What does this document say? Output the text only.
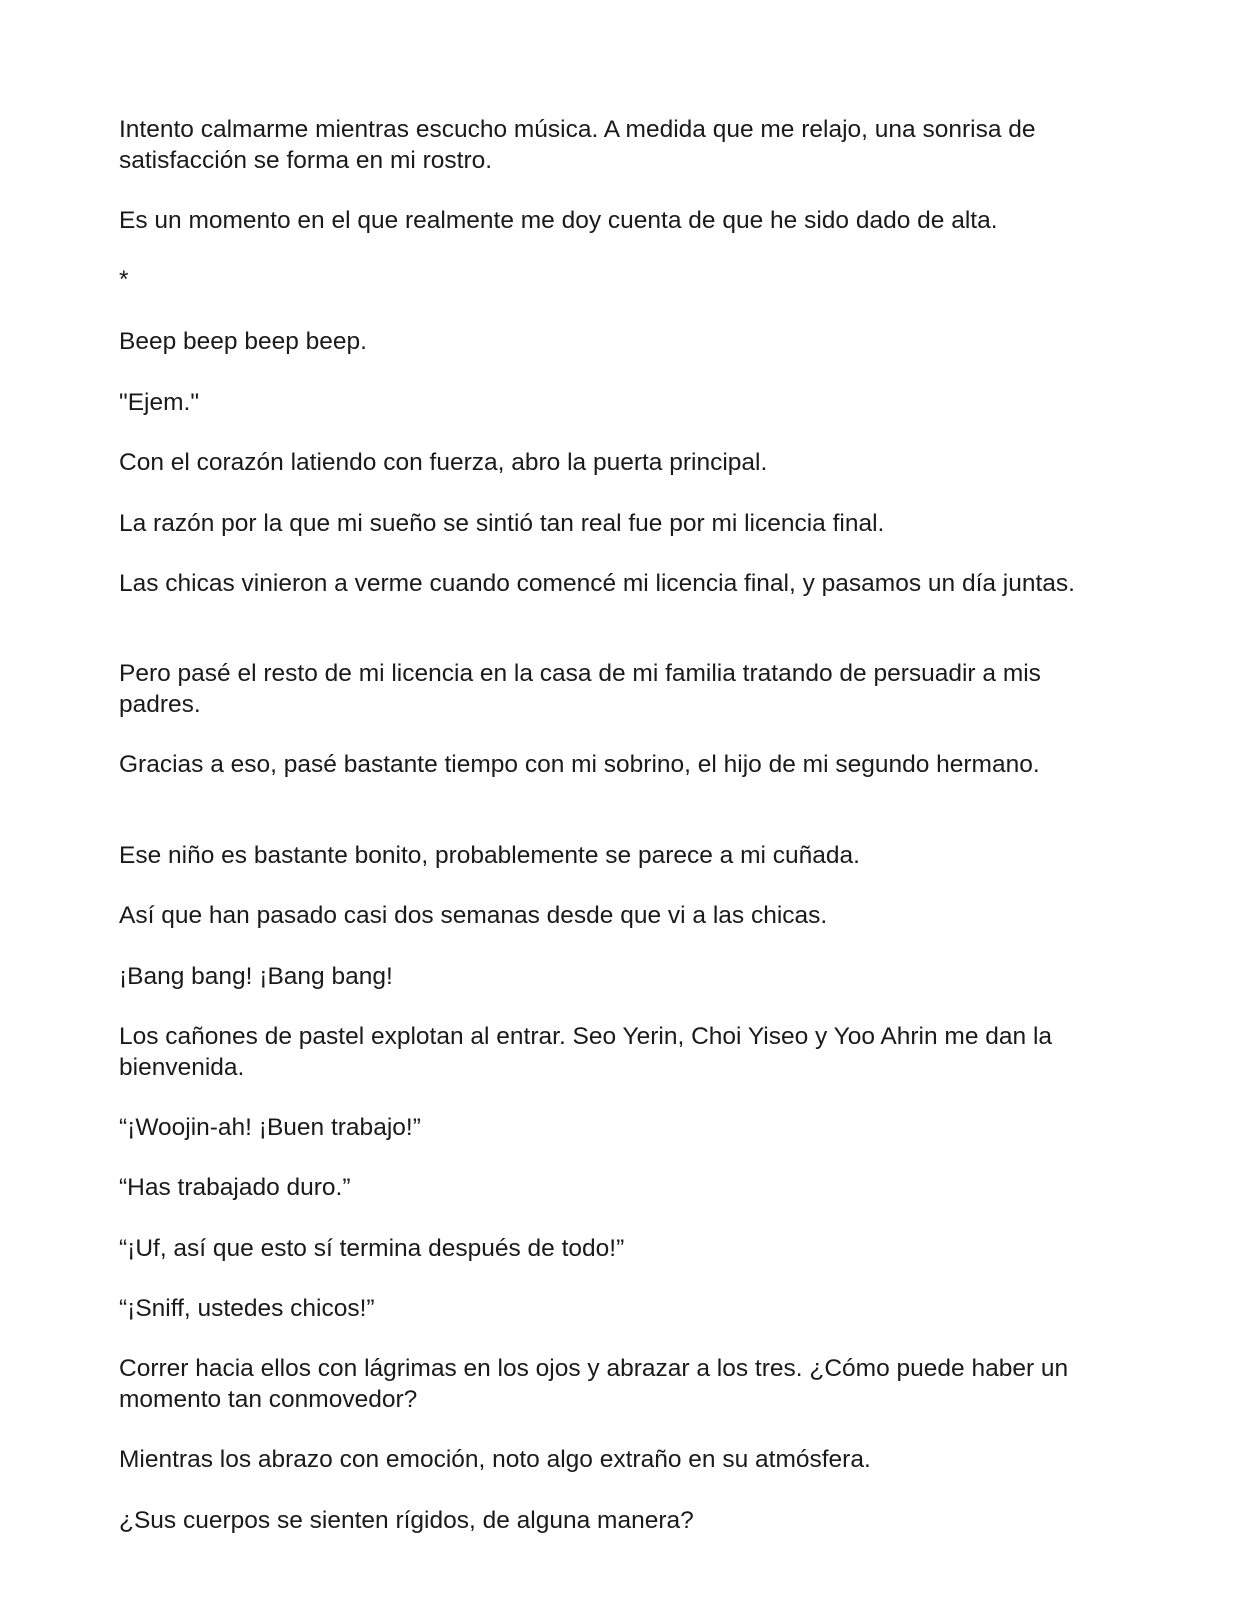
Intento calmarme mientras escucho música. A medida que me relajo, una sonrisa de satisfacción se forma en mi rostro.

Es un momento en el que realmente me doy cuenta de que he sido dado de alta.

*

Beep beep beep beep.

"Ejem."

Con el corazón latiendo con fuerza, abro la puerta principal.

La razón por la que mi sueño se sintió tan real fue por mi licencia final.

Las chicas vinieron a verme cuando comencé mi licencia final, y pasamos un día juntas.

Pero pasé el resto de mi licencia en la casa de mi familia tratando de persuadir a mis padres.

Gracias a eso, pasé bastante tiempo con mi sobrino, el hijo de mi segundo hermano.

Ese niño es bastante bonito, probablemente se parece a mi cuñada.

Así que han pasado casi dos semanas desde que vi a las chicas.

¡Bang bang! ¡Bang bang!

Los cañones de pastel explotan al entrar. Seo Yerin, Choi Yiseo y Yoo Ahrin me dan la bienvenida.

“¡Woojin-ah! ¡Buen trabajo!”

“Has trabajado duro.”

“¡Uf, así que esto sí termina después de todo!”

“¡Sniff, ustedes chicos!”

Correr hacia ellos con lágrimas en los ojos y abrazar a los tres. ¿Cómo puede haber un momento tan conmovedor?

Mientras los abrazo con emoción, noto algo extraño en su atmósfera.

¿Sus cuerpos se sienten rígidos, de alguna manera?
